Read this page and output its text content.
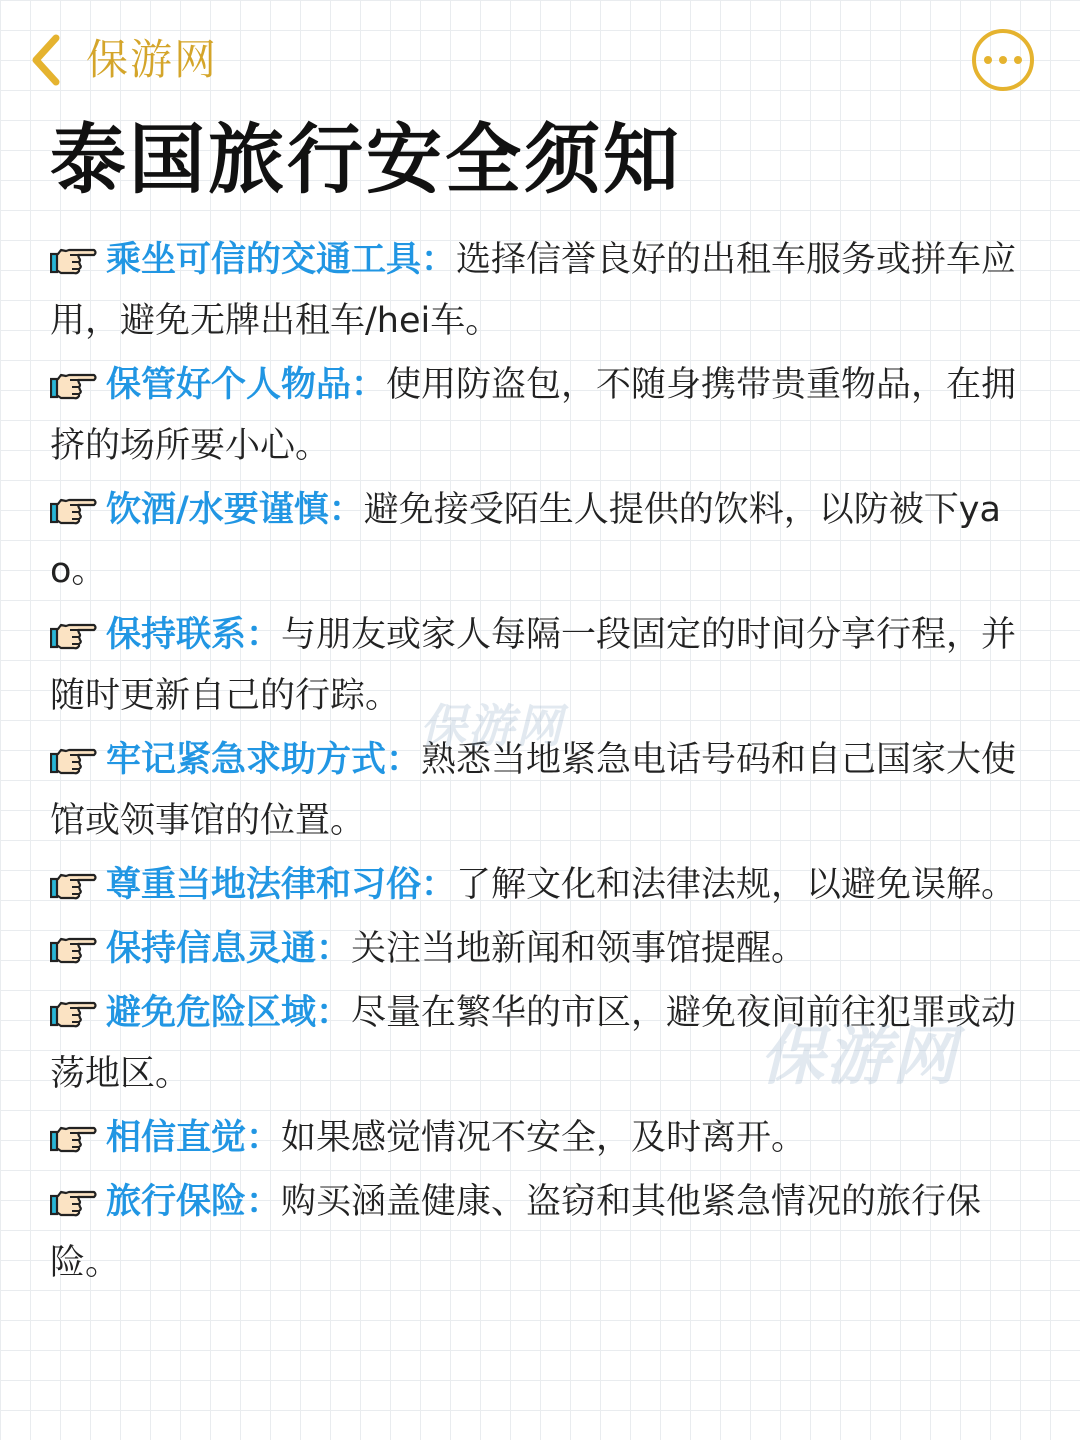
保游网
泰国旅行安全须知
乘坐可信的交通工具：选择信誉良好的出租车服务或拼车应用，避免无牌出租车/hei车。
保管好个人物品：使用防盗包，不随身携带贵重物品，在拥挤的场所要小心。
饮酒/水要谨慎：避免接受陌生人提供的饮料，以防被下yao。
保持联系：与朋友或家人每隔一段固定的时间分享行程，并随时更新自己的行踪。
牢记紧急求助方式：熟悉当地紧急电话号码和自己国家大使馆或领事馆的位置。
尊重当地法律和习俗：了解文化和法律法规，以避免误解。
保持信息灵通：关注当地新闻和领事馆提醒。
避免危险区域：尽量在繁华的市区，避免夜间前往犯罪或动荡地区。
相信直觉：如果感觉情况不安全，及时离开。
旅行保险：购买涵盖健康、盗窃和其他紧急情况的旅行保险。
保游网
保游网
